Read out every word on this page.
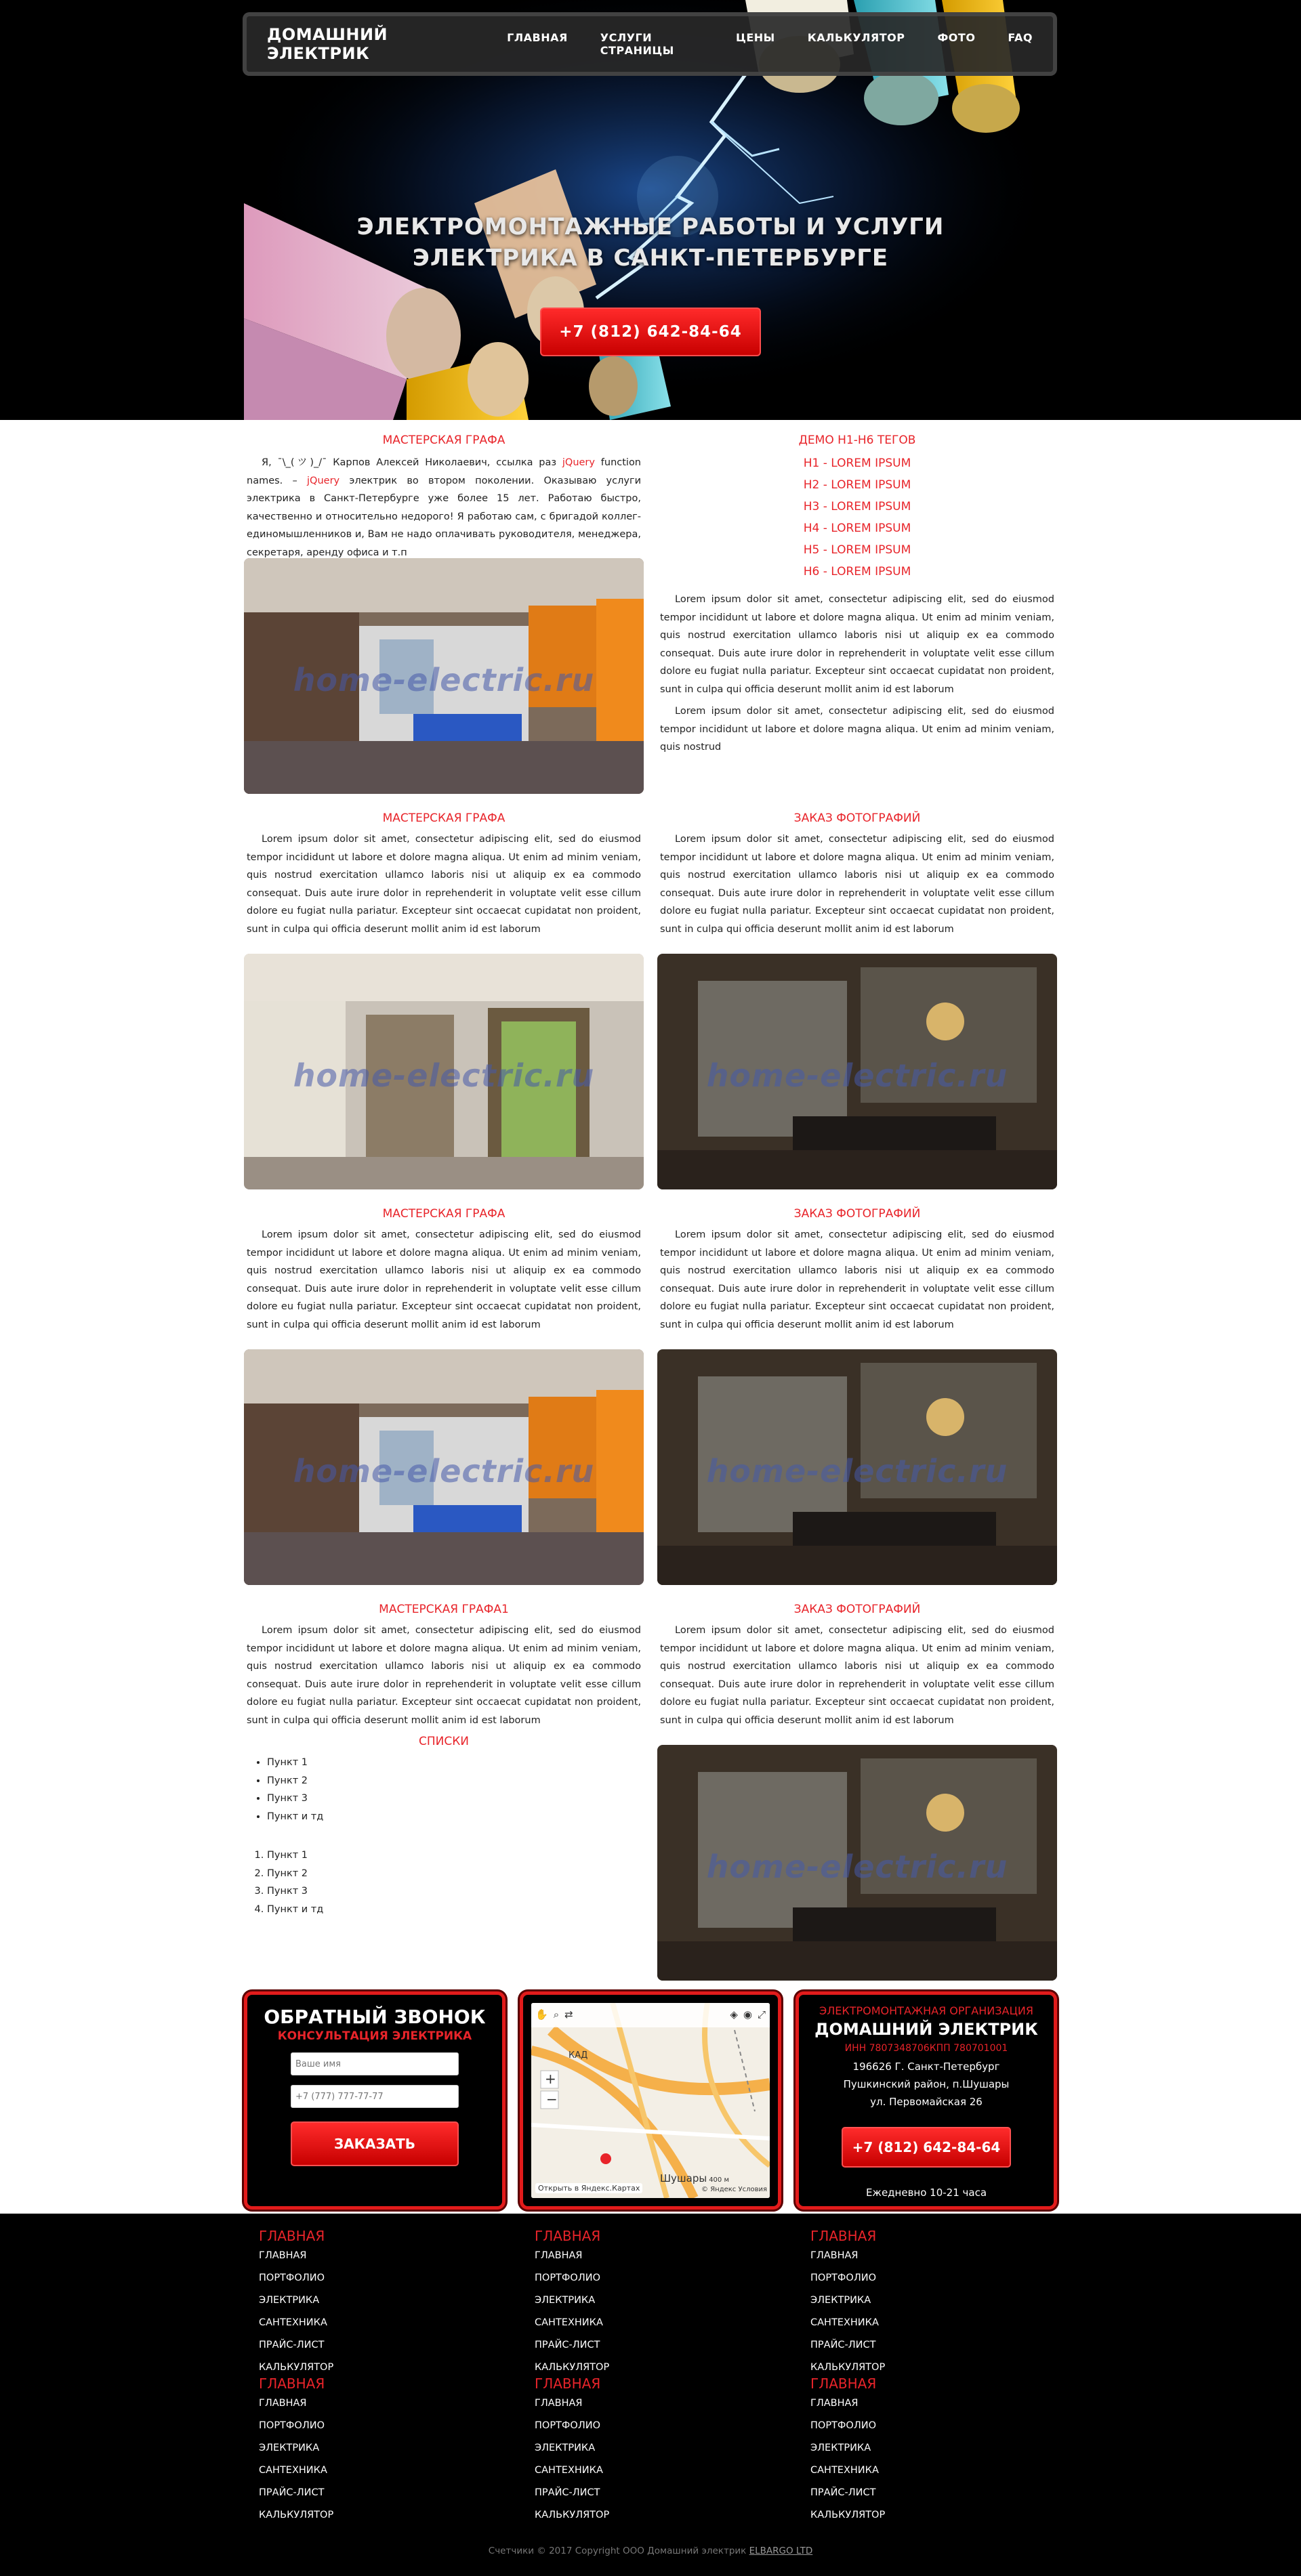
ДОМАШНИЙ ЭЛЕКТРИК
ГЛАВНАЯ	УСЛУГИ СТРАНИЦЫ
ЦЕНЫ	КАЛЬКУЛЯТОР	ФОТО	FAQ
ЭЛЕКТРОМОНТАЖНЫЕ РАБОТЫ И УСЛУГИ
ЭЛЕКТРИКА В САНКТ-ПЕТЕРБУРГЕ
+7 (812) 642-84-64
МАСТЕРСКАЯ ГРАФА

Я, ¯\_(ツ)_/¯ Карпов Алексей Николаевич, ссылка раз jQuery function names. – jQuery электрик во втором поколении. Оказываю услуги электрика в Санкт-Петербурге уже более 15 лет. Работаю быстро, качественно и относительно недорого! Я работаю сам, с бригадой коллег-единомышленников и, Вам не надо оплачивать руководителя, менеджера, секретаря, аренду офиса и т.п

home-electric.ru
ДЕМО H1-H6 ТЕГОВ
H1 - LOREM IPSUM
H2 - LOREM IPSUM
H3 - LOREM IPSUM
H4 - LOREM IPSUM
H5 - LOREM IPSUM
H6 - LOREM IPSUM

Lorem ipsum dolor sit amet, consectetur adipiscing elit, sed do eiusmod tempor incididunt ut labore et dolore magna aliqua. Ut enim ad minim veniam, quis nostrud exercitation ullamco laboris nisi ut aliquip ex ea commodo consequat. Duis aute irure dolor in reprehenderit in voluptate velit esse cillum dolore eu fugiat nulla pariatur. Excepteur sint occaecat cupidatat non proident, sunt in culpa qui officia deserunt mollit anim id est laborum

Lorem ipsum dolor sit amet, consectetur adipiscing elit, sed do eiusmod tempor incididunt ut labore et dolore magna aliqua. Ut enim ad minim veniam, quis nostrud

МАСТЕРСКАЯ ГРАФА

Lorem ipsum dolor sit amet, consectetur adipiscing elit, sed do eiusmod tempor incididunt ut labore et dolore magna aliqua. Ut enim ad minim veniam, quis nostrud exercitation ullamco laboris nisi ut aliquip ex ea commodo consequat. Duis aute irure dolor in reprehenderit in voluptate velit esse cillum dolore eu fugiat nulla pariatur. Excepteur sint occaecat cupidatat non proident, sunt in culpa qui officia deserunt mollit anim id est laborum

ЗАКАЗ ФОТОГРАФИЙ

Lorem ipsum dolor sit amet, consectetur adipiscing elit, sed do eiusmod tempor incididunt ut labore et dolore magna aliqua. Ut enim ad minim veniam, quis nostrud exercitation ullamco laboris nisi ut aliquip ex ea commodo consequat. Duis aute irure dolor in reprehenderit in voluptate velit esse cillum dolore eu fugiat nulla pariatur. Excepteur sint occaecat cupidatat non proident, sunt in culpa qui officia deserunt mollit anim id est laborum

home-electric.ru	home-electric.ru
МАСТЕРСКАЯ ГРАФА

Lorem ipsum dolor sit amet, consectetur adipiscing elit, sed do eiusmod tempor incididunt ut labore et dolore magna aliqua. Ut enim ad minim veniam, quis nostrud exercitation ullamco laboris nisi ut aliquip ex ea commodo consequat. Duis aute irure dolor in reprehenderit in voluptate velit esse cillum dolore eu fugiat nulla pariatur. Excepteur sint occaecat cupidatat non proident, sunt in culpa qui officia deserunt mollit anim id est laborum

ЗАКАЗ ФОТОГРАФИЙ

Lorem ipsum dolor sit amet, consectetur adipiscing elit, sed do eiusmod tempor incididunt ut labore et dolore magna aliqua. Ut enim ad minim veniam, quis nostrud exercitation ullamco laboris nisi ut aliquip ex ea commodo consequat. Duis aute irure dolor in reprehenderit in voluptate velit esse cillum dolore eu fugiat nulla pariatur. Excepteur sint occaecat cupidatat non proident, sunt in culpa qui officia deserunt mollit anim id est laborum

home-electric.ru	home-electric.ru
МАСТЕРСКАЯ ГРАФА1

Lorem ipsum dolor sit amet, consectetur adipiscing elit, sed do eiusmod tempor incididunt ut labore et dolore magna aliqua. Ut enim ad minim veniam, quis nostrud exercitation ullamco laboris nisi ut aliquip ex ea commodo consequat. Duis aute irure dolor in reprehenderit in voluptate velit esse cillum dolore eu fugiat nulla pariatur. Excepteur sint occaecat cupidatat non proident, sunt in culpa qui officia deserunt mollit anim id est laborum

СПИСКИ
• Пункт 1
• Пункт 2
• Пункт 3
• Пункт и тд
1. Пункт 1
2. Пункт 2
3. Пункт 3
4. Пункт и тд
ЗАКАЗ ФОТОГРАФИЙ

Lorem ipsum dolor sit amet, consectetur adipiscing elit, sed do eiusmod tempor incididunt ut labore et dolore magna aliqua. Ut enim ad minim veniam, quis nostrud exercitation ullamco laboris nisi ut aliquip ex ea commodo consequat. Duis aute irure dolor in reprehenderit in voluptate velit esse cillum dolore eu fugiat nulla pariatur. Excepteur sint occaecat cupidatat non proident, sunt in culpa qui officia deserunt mollit anim id est laborum

home-electric.ru
ОБРАТНЫЙ ЗВОНОК
КОНСУЛЬТАЦИЯ ЭЛЕКТРИКА
Ваше имя
+7 (777) 777-77-77
ЗАКАЗАТЬ
+
−
КАД
Шушары
Открыть в Яндекс.Картах
400 м
© Яндекс Условия
✋ ⌕ ⇄	◈ ◉ ⤢	ЭЛЕКТРОМОНТАЖНАЯ ОРГАНИЗАЦИЯ
ДОМАШНИЙ ЭЛЕКТРИК
ИНН 7807348706КПП 780701001
196626 Г. Санкт-Петербург
Пушкинский район, п.Шушары
ул. Первомайская 26
+7 (812) 642-84-64
Ежедневно 10-21 часа
ГЛАВНАЯ
ГЛАВНАЯ
ПОРТФОЛИО
ЭЛЕКТРИКА
САНТЕХНИКА
ПРАЙС-ЛИСТ
КАЛЬКУЛЯТОР
ГЛАВНАЯ
ГЛАВНАЯ
ПОРТФОЛИО
ЭЛЕКТРИКА
САНТЕХНИКА
ПРАЙС-ЛИСТ
КАЛЬКУЛЯТОР
ГЛАВНАЯ
ГЛАВНАЯ
ПОРТФОЛИО
ЭЛЕКТРИКА
САНТЕХНИКА
ПРАЙС-ЛИСТ
КАЛЬКУЛЯТОР
ГЛАВНАЯ
ГЛАВНАЯ
ПОРТФОЛИО
ЭЛЕКТРИКА
САНТЕХНИКА
ПРАЙС-ЛИСТ
КАЛЬКУЛЯТОР
ГЛАВНАЯ
ГЛАВНАЯ
ПОРТФОЛИО
ЭЛЕКТРИКА
САНТЕХНИКА
ПРАЙС-ЛИСТ
КАЛЬКУЛЯТОР
ГЛАВНАЯ
ГЛАВНАЯ
ПОРТФОЛИО
ЭЛЕКТРИКА
САНТЕХНИКА
ПРАЙС-ЛИСТ
КАЛЬКУЛЯТОР
Счетчики © 2017 Copyright ООО Домашний электрик ELBARGO LTD
